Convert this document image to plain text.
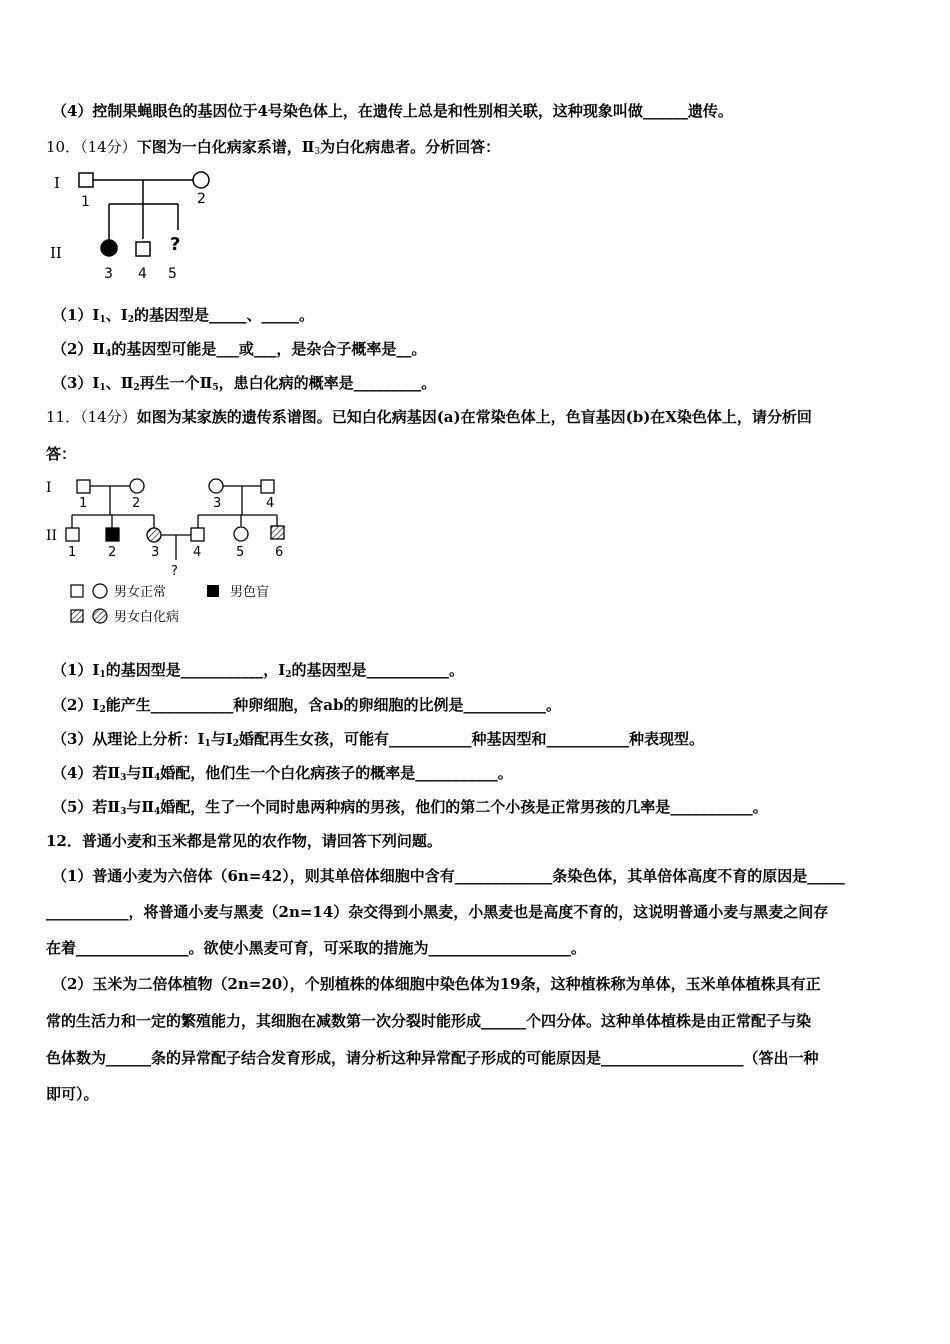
（4）控制果蝇眼色的基因位于4号染色体上，在遗传上总是和性别相关联，这种现象叫做______遗传。
10．（14分）下图为一白化病家系谱，$Ⅱ_3$为白化病患者。分析回答：
I
II
1	2
?
3 4 5
$(1)Ⅰ_1$、$Ⅰ_2$的基因型是_____、_____。
$(2)Ⅱ_4$的基因型可能是___或___，是杂合子概率是__。
$(3)Ⅰ_1$、$Ⅱ_2$再生一个$Ⅱ_5$，患白化病的概率是_________。
11．（14分）如图为某家族的遗传系谱图。已知白化病基因(a)在常染色体上，色盲基因(b)在X染色体上，请分析回
答：
I
II
1	2	3	4
1 2	3	4	5 6
?
男女正常	男色盲
男女白化病
$(1)Ⅰ_1$的基因型是___________，$Ⅰ_2$的基因型是___________。
$(2)Ⅰ_2$能产生___________种卵细胞，含ab的卵细胞的比例是___________。
（3）从理论上分析：$Ⅰ_1$与$Ⅰ_2$婚配再生女孩，可能有___________种基因型和___________种表现型。
（4）若$Ⅱ_3$与$Ⅱ_4$婚配，他们生一个白化病孩子的概率是___________。
（5）若$Ⅱ_3$与$Ⅱ_4$婚配，生了一个同时患两种病的男孩，他们的第二个小孩是正常男孩的几率是___________。
12．普通小麦和玉米都是常见的农作物，请回答下列问题。
（1）普通小麦为六倍体（6n=42），则其单倍体细胞中含有_____________条染色体，其单倍体高度不育的原因是_____
___________，将普通小麦与黑麦（2n=14）杂交得到小黑麦，小黑麦也是高度不育的，这说明普通小麦与黑麦之间存
在着_______________。欲使小黑麦可育，可采取的措施为___________________。
（2）玉米为二倍体植物（2n=20），个别植株的体细胞中染色体为19条，这种植株称为单体，玉米单体植株具有正
常的生活力和一定的繁殖能力，其细胞在减数第一次分裂时能形成______个四分体。这种单体植株是由正常配子与染
色体数为______条的异常配子结合发育形成，请分析这种异常配子形成的可能原因是___________________（答出一种
即可）。
